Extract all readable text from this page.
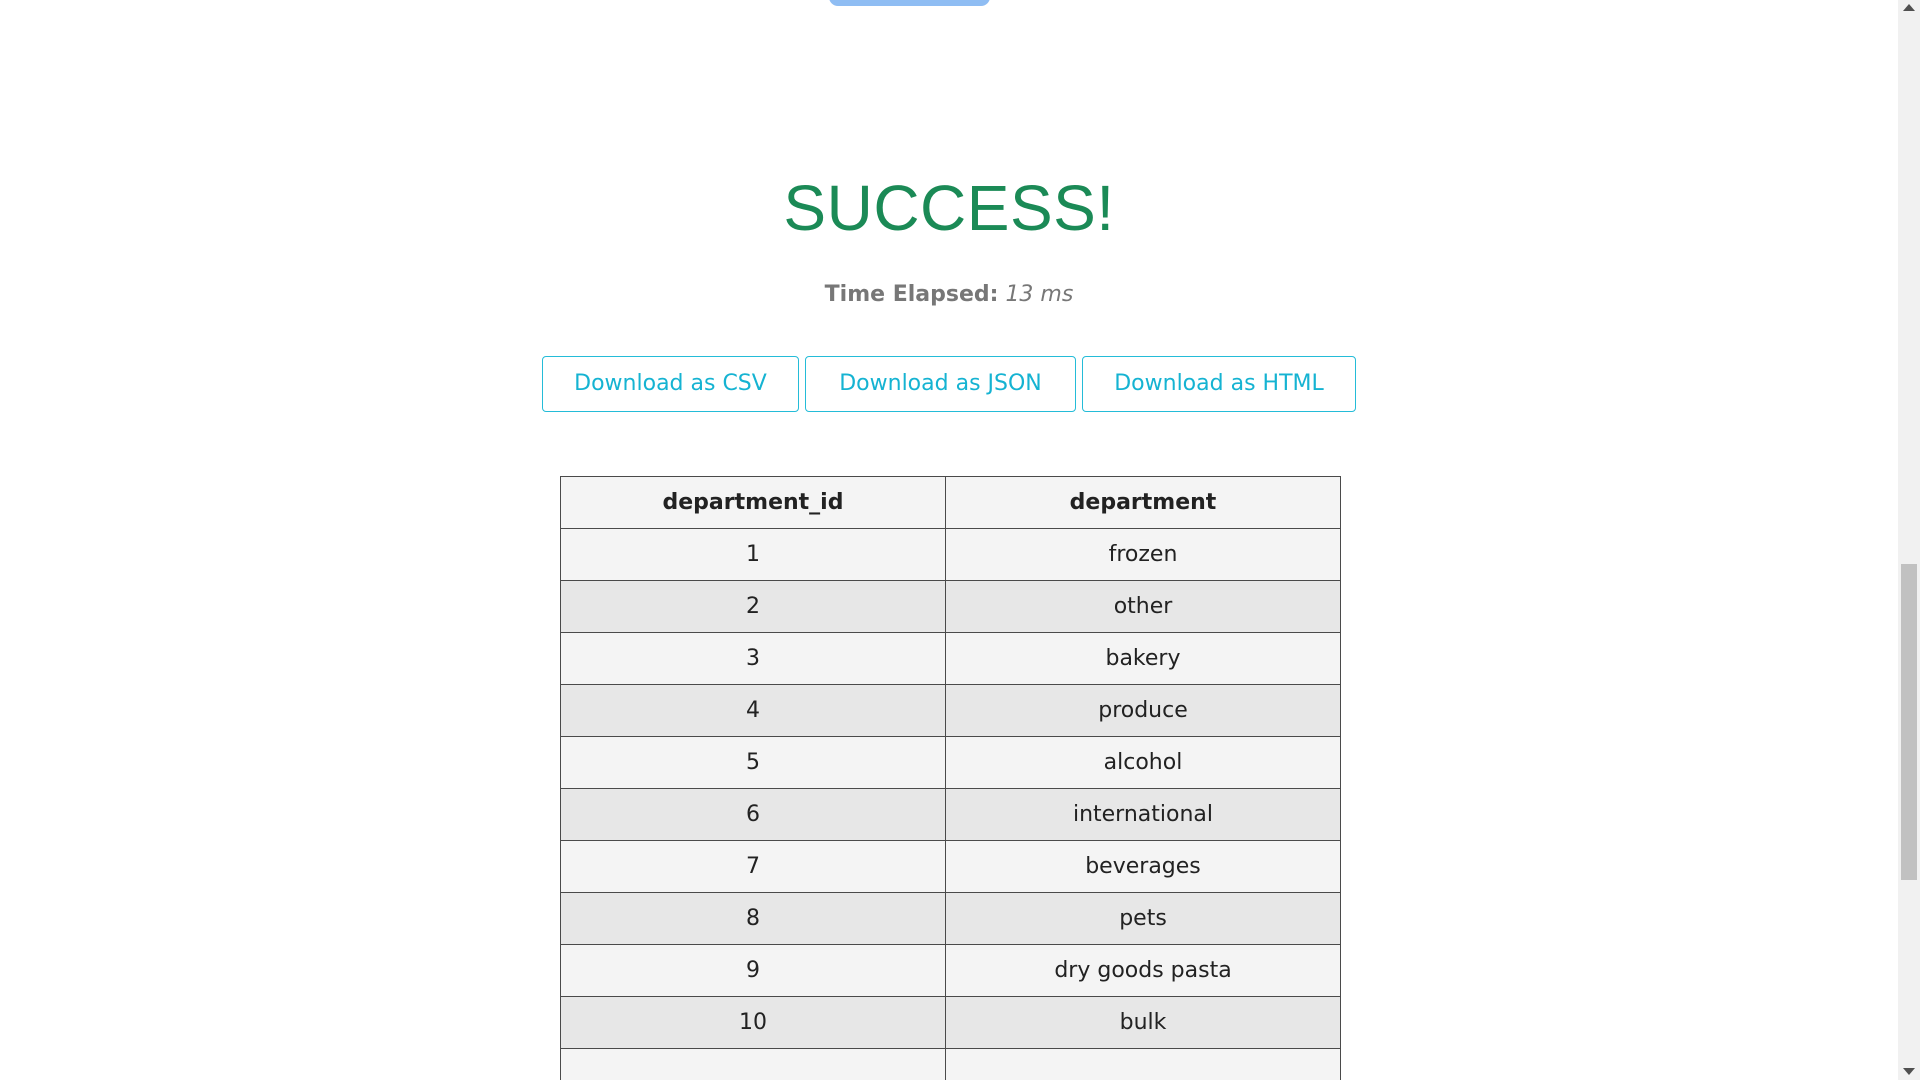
SUCCESS!
Time Elapsed: 13 ms
Download as CSV	Download as JSON	Download as HTML
department_id	department
1	frozen
2	other
3	bakery
4	produce
5	alcohol
6	international
7	beverages
8	pets
9	dry goods pasta
10	bulk
